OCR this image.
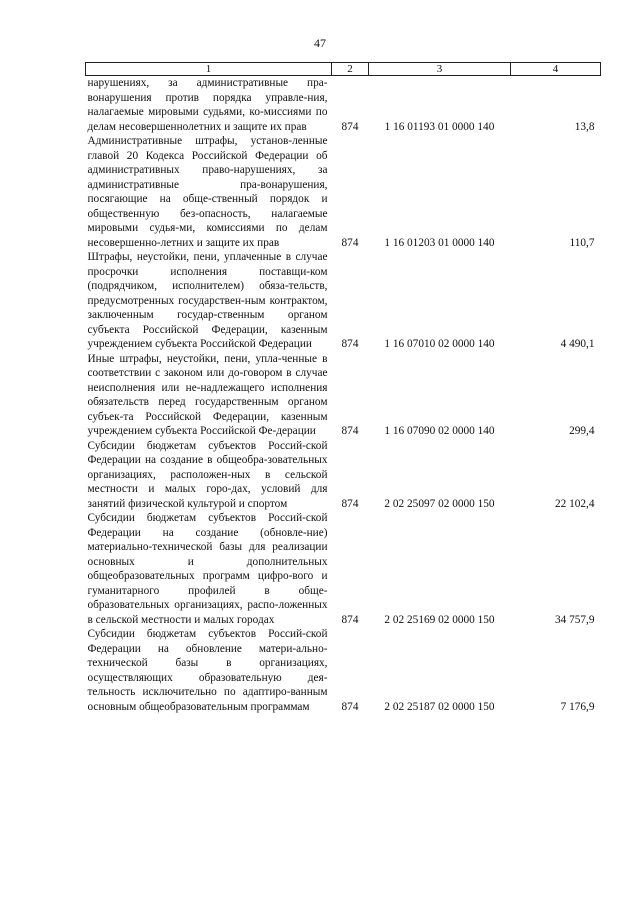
47
1	2	3	4
нарушениях, за административные пра-вонарушения против порядка управле-ния, налагаемые мировыми судьями, ко-миссиями по делам несовершеннолетних и защите их прав	874	1 16 01193 01 0000 140	13,8
Административные штрафы, установ-ленные главой 20 Кодекса Российской Федерации об административных право-нарушениях, за административные пра-вонарушения, посягающие на обще-ственный порядок и общественную без-опасность, налагаемые мировыми судья-ми, комиссиями по делам несовершенно-летних и защите их прав	874	1 16 01203 01 0000 140	110,7
Штрафы, неустойки, пени, уплаченные в случае просрочки исполнения поставщи-ком (подрядчиком, исполнителем) обяза-тельств, предусмотренных государствен-ным контрактом, заключенным государ-ственным органом субъекта Российской Федерации, казенным учреждением субъекта Российской Федерации	874	1 16 07010 02 0000 140	4 490,1
Иные штрафы, неустойки, пени, упла-ченные в соответствии с законом или до-говором в случае неисполнения или не-надлежащего исполнения обязательств перед государственным органом субъек-та Российской Федерации, казенным учреждением субъекта Российской Фе-дерации	874	1 16 07090 02 0000 140	299,4
Субсидии бюджетам субъектов Россий-ской Федерации на создание в общеобра-зовательных организациях, расположен-ных в сельской местности и малых горо-дах, условий для занятий физической культурой и спортом	874	2 02 25097 02 0000 150	22 102,4
Субсидии бюджетам субъектов Россий-ской Федерации на создание (обновле-ние) материально-технической базы для реализации основных и дополнительных общеобразовательных программ цифро-вого и гуманитарного профилей в обще-образовательных организациях, распо-ложенных в сельской местности и малых городах	874	2 02 25169 02 0000 150	34 757,9
Субсидии бюджетам субъектов Россий-ской Федерации на обновление матери-ально-технической базы в организациях, осуществляющих образовательную дея-тельность исключительно по адаптиро-ванным основным общеобразовательным программам	874	2 02 25187 02 0000 150	7 176,9
